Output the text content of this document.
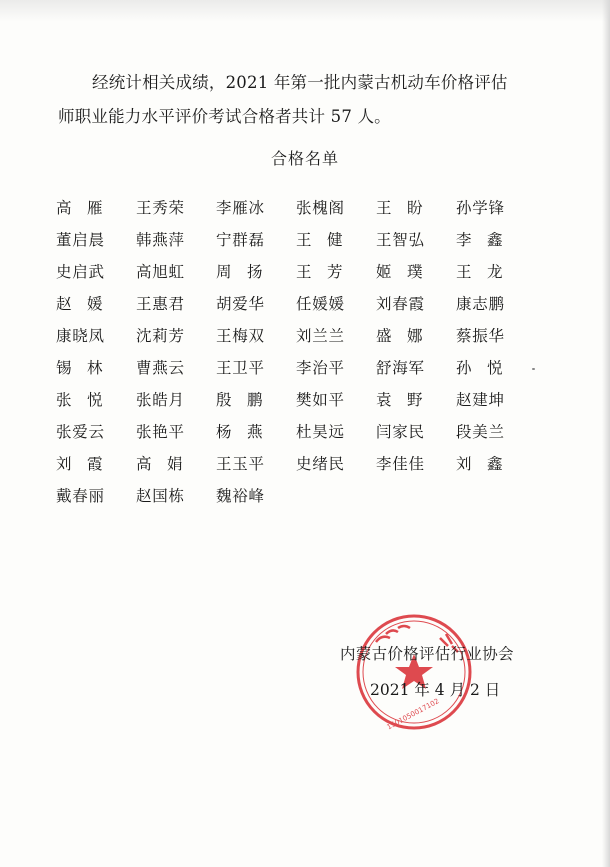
经统计相关成绩，2021 年第一批内蒙古机动车价格评估
师职业能力水平评价考试合格者共计 57 人。

合格名单
高　雁 王秀荣 李雁冰 张槐阁 王　盼 孙学锋
董启晨 韩燕萍 宁群磊 王　健 王智弘 李　鑫
史启武 高旭虹 周　扬 王　芳 姬　璞 王　龙
赵　媛 王惠君 胡爱华 任媛媛 刘春霞 康志鹏
康晓凤 沈莉芳 王梅双 刘兰兰 盛　娜 蔡振华
锡　林 曹燕云 王卫平 李治平 舒海军 孙　悦
张　悦 张皓月 殷　鹏 樊如平 袁　野 赵建坤
张爱云 张艳平 杨　燕 杜昊远 闫家民 段美兰
刘　霞 高　娟 王玉平 史绪民 李佳佳 刘　鑫
戴春丽 赵国栋 魏裕峰
1501050017102
内蒙古价格评估行业协会
2021 年 4 月 2 日
